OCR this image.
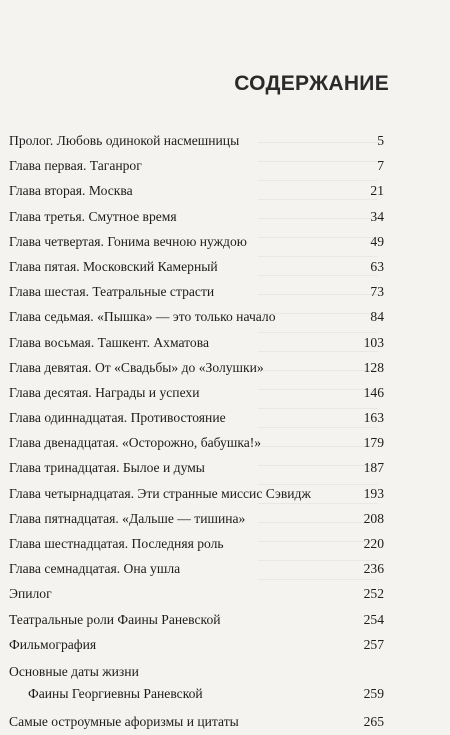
СОДЕРЖАНИЕ
Пролог. Любовь одинокой насмешницы	5
Глава первая. Таганрог	7
Глава вторая. Москва	21
Глава третья. Смутное время	34
Глава четвертая. Гонима вечною нуждою	49
Глава пятая. Московский Камерный	63
Глава шестая. Театральные страсти	73
Глава седьмая. «Пышка» — это только начало	84
Глава восьмая. Ташкент. Ахматова	103
Глава девятая. От «Свадьбы» до «Золушки»	128
Глава десятая. Награды и успехи	146
Глава одиннадцатая. Противостояние	163
Глава двенадцатая. «Осторожно, бабушка!»	179
Глава тринадцатая. Былое и думы	187
Глава четырнадцатая. Эти странные миссис Сэвидж	193
Глава пятнадцатая. «Дальше — тишина»	208
Глава шестнадцатая. Последняя роль	220
Глава семнадцатая. Она ушла	236
Эпилог	252
Театральные роли Фаины Раневской	254
Фильмография	257
Основные даты жизни
Фаины Георгиевны Раневской	259
Самые остроумные афоризмы и цитаты	265
